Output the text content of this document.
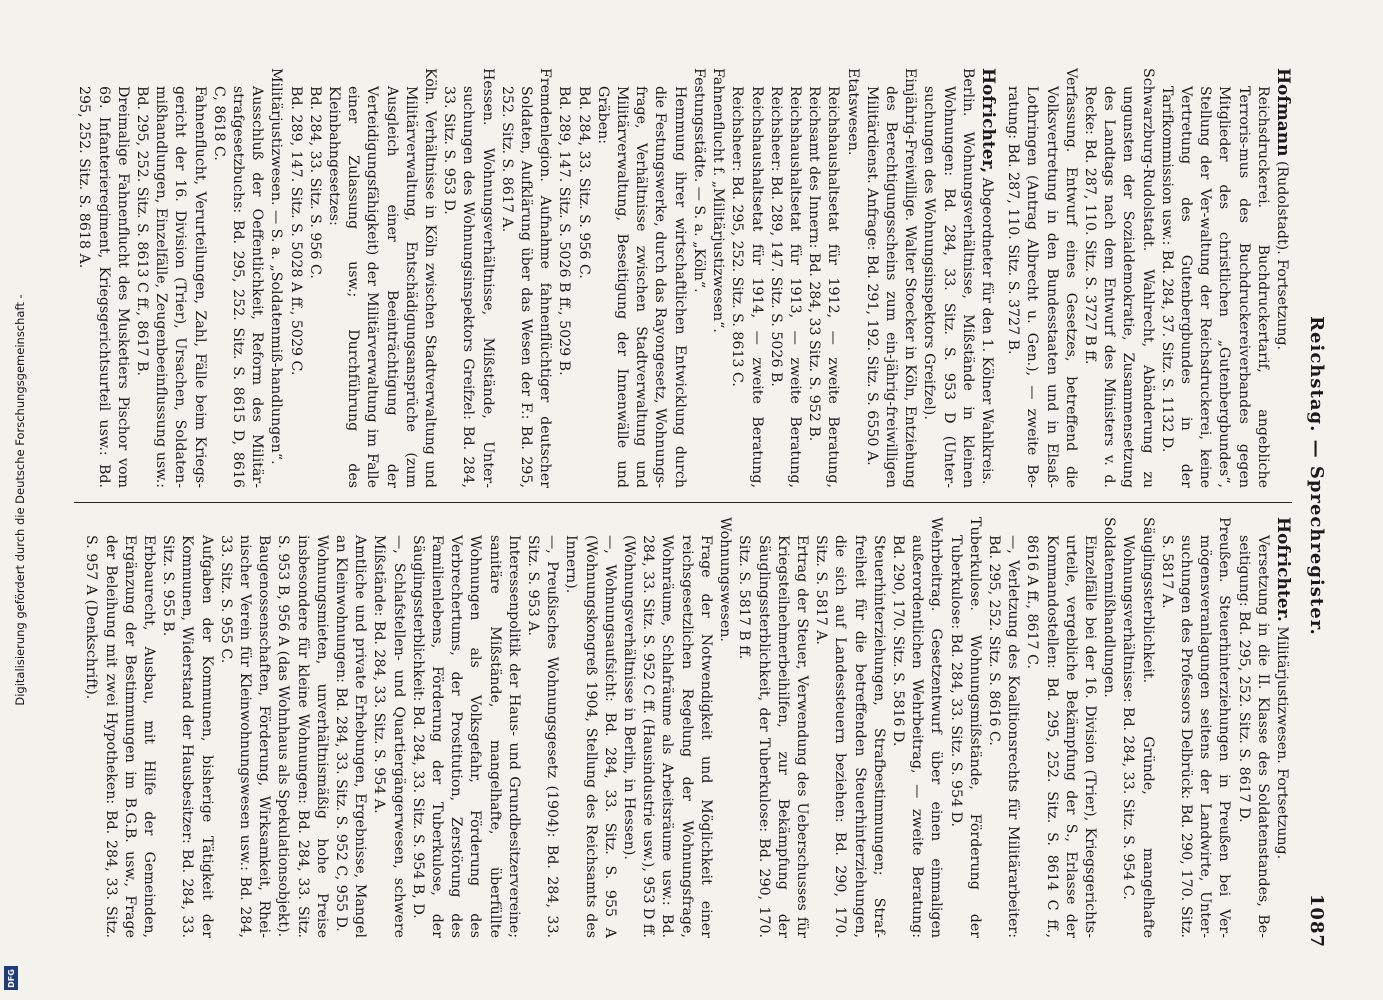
Reichstag. — Sprechregister.
1087

Hofmann (Rudolstadt). Fortsetzung.

Reichsdruckerei. Buchdruckertarif, angebliche Terroris-mus des Buchdruckereiverbandes gegen Mitglieder des christlichen „Gutenbergbundes“, Stellung der Ver-waltung der Reichsdruckerei, keine Vertretung des Gutenbergbundes in der Tarifkommission usw.: Bd. 284, 37. Sitz. S. 1132 D.

Schwarzburg-Rudolstadt. Wahlrecht, Abänderung zu ungunsten der Sozialdemokratie, Zusammensetzung des Landtags nach dem Entwurf des Ministers v. d. Recke: Bd. 287, 110. Sitz. S. 3727 B ff.

Verfassung. Entwurf eines Gesetzes, betreffend die Volksvertretung in den Bundesstaaten und in Elsaß-Lothringen (Antrag Albrecht u. Gen.), — zweite Be-ratung: Bd. 287, 110. Sitz. S. 3727 B.

Hofrichter, Abgeordneter für den 1. Kölner Wahlkreis.

Berlin. Wohnungsverhältnisse, Mißstände in kleinen Wohnungen: Bd. 284, 33. Sitz. S. 953 D (Unter-suchungen des Wohnungsinspektors Greifzel).

Einjährig-Freiwillige. Walter Stoecker in Köln, Entziehung des Berechtigungsscheins zum ein-jährig-freiwilligen Militärdienst. Anfrage: Bd. 291, 192. Sitz. S. 6550 A.

Etatswesen.

Reichshaushaltsetat für 1912, — zweite Beratung, Reichsamt des Innern: Bd. 284, 33 Sitz. S. 952 B.

Reichshaushaltsetat für 1913, — zweite Beratung, Reichsheer: Bd. 289, 147. Sitz. S. 5026 B.

Reichshaushaltsetat für 1914, — zweite Beratung, Reichsheer: Bd. 295, 252. Sitz. S. 8613 C.

Fahnenflucht f. „Militärjustizwesen“.

Festungsstädte. — S. a. „Köln“.

Hemmung ihrer wirtschaftlichen Entwicklung durch die Festungswerke, durch das Rayongesetz, Wohnungs-frage, Verhältnisse zwischen Stadtverwaltung und Militärverwaltung, Beseitigung der Innenwälle und Gräben:

Bd. 284, 33. Sitz. S. 956 C.

Bd. 289, 147. Sitz. S. 5026 B ff., 5029 B.

Fremdenlegion. Aufnahme fahnenflüchtiger deutscher Soldaten, Aufklärung über das Wesen der F.: Bd. 295, 252. Sitz. S. 8617 A.

Hessen. Wohnungsverhältnisse, Mißstände, Unter-suchungen des Wohnungsinspektors Greifzel: Bd. 284, 33. Sitz. S. 953 D.

Köln. Verhältnisse in Köln zwischen Stadtverwaltung und Militärverwaltung, Entschädigungsansprüche (zum Ausgleich einer Beeinträchtigung der Verteidigungsfähigkeit) der Militärverwaltung im Falle einer Zulassung usw.; Durchführung des Kleinbahngesetzes:

Bd. 284, 33. Sitz. S. 956 C.

Bd. 289, 147. Sitz. S. 5028 A ff., 5029 C.

Militärjustizwesen. — S. a. „Soldatenmiß-handlungen“.

Ausschluß der Oeffentlichkeit, Reform des Militär-strafgesetzbuchs: Bd. 295, 252. Sitz. S. 8615 D, 8616 C, 8618 C.

Fahnenflucht, Verurteilungen, Zahl, Fälle beim Kriegs-gericht der 16. Division (Trier), Ursachen, Soldaten-mißhandlungen, Einzelfälle, Zeugenbeeinflussung usw.: Bd. 295, 252. Sitz. S. 8613 C ff., 8617 B.

Dreimalige Fahnenflucht des Musketiers Pischor vom 69. Infanterieregiment, Kriegsgerichtsurteil usw.: Bd. 295, 252. Sitz. S. 8618 A.

Hofrichter. Militärjustizwesen. Fortsetzung.

Versetzung in die II. Klasse des Soldatenstandes, Be-seitigung: Bd. 295, 252. Sitz. S. 8617 D.

Preußen. Steuerhinterziehungen in Preußen bei Ver-mögensveranlagungen seitens der Landwirte, Unter-suchungen des Professors Delbrück: Bd. 290, 170. Sitz. S. 5817 A.

Säuglingssterblichkeit. Gründe, mangelhafte Wohnungsverhältnisse: Bd. 284, 33. Sitz. S. 954 C.

Soldatenmißhandlungen.

Einzelfälle bei der 16. Division (Trier), Kriegsgerichts-urteile, vergebliche Bekämpfung der S., Erlasse der Kommandostellen: Bd. 295, 252. Sitz. S. 8614 C ff., 8616 A ff., 8617 C.

—, Verletzung des Koalitionsrechts für Militärarbeiter: Bd. 295, 252. Sitz. S. 8616 C.

Tuberkulose. Wohnungsmißstände, Förderung der Tuberkulose: Bd. 284, 33. Sitz. S. 954 D.

Wehrbeitrag. Gesetzentwurf über einen einmaligen außerordentlichen Wehrbeitrag, — zweite Beratung: Bd. 290, 170. Sitz. S. 5816 D.

Steuerhinterziehungen, Strafbestimmungen; Straf-freiheit für die betreffenden Steuerhinterziehungen, die sich auf Landessteuern beziehen: Bd. 290, 170. Sitz. S. 5817 A.

Ertrag der Steuer, Verwendung des Ueberschusses für Kriegsteilnehmerbeihilfen, zur Bekämpfung der Säuglingssterblichkeit, der Tuberkulose: Bd. 290, 170. Sitz. S. 5817 B ff.

Wohnungswesen.

Frage der Notwendigkeit und Möglichkeit einer reichsgesetzlichen Regelung der Wohnungsfrage, Wohnräume, Schlafräume als Arbeitsräume usw.: Bd. 284, 33. Sitz. S. 952 C ff. (Hausindustrie usw.), 953 D ff. (Wohnungsverhältnisse in Berlin, in Hessen).

—, Wohnungsaufsicht: Bd. 284, 33. Sitz. S. 955 A (Wohnungskongreß 1904, Stellung des Reichsamts des Innern).

—, Preußisches Wohnungsgesetz (1904): Bd. 284, 33. Sitz. S. 953 A.

Interessenpolitik der Haus- und Grundbesitzervereine; sanitäre Mißstände, mangelhafte, überfüllte Wohnungen als Volksgefahr, Förderung des Verbrechertums, der Prostitution, Zerstörung des Familienlebens, Förderung der Tuberkulose, der Säuglingssterblichkeit: Bd. 284, 33. Sitz. S. 954 B, D.

—, Schlafstellen- und Quartiergängerwesen, schwere Mißstände: Bd. 284, 33. Sitz. S. 954 A.

Amtliche und private Erhebungen, Ergebnisse, Mangel an Kleinwohnungen: Bd. 284, 33. Sitz. S. 952 C, 955 D.

Wohnungsmieten, unverhältnismäßig hohe Preise insbesondere für kleine Wohnungen: Bd. 284, 33. Sitz. S. 953 B, 956 A (das Wohnhaus als Spekulationsobjekt).

Baugenossenschaften, Förderung, Wirksamkeit, Rhei-nischer Verein für Kleinwohnungswesen usw.: Bd. 284, 33. Sitz. S. 955 C.

Aufgaben der Kommunen, bisherige Tätigkeit der Kommunen, Widerstand der Hausbesitzer: Bd. 284, 33. Sitz. S. 955 B.

Erbbaurecht, Ausbau, mit Hilfe der Gemeinden, Ergänzung der Bestimmungen im B.G.B. usw., Frage der Beleihung mit zwei Hypotheken: Bd. 284, 33. Sitz. S. 957 A (Denkschrift).

Digitalisierung gefördert durch die Deutsche Forschungsgemeinschaft -
DFG
